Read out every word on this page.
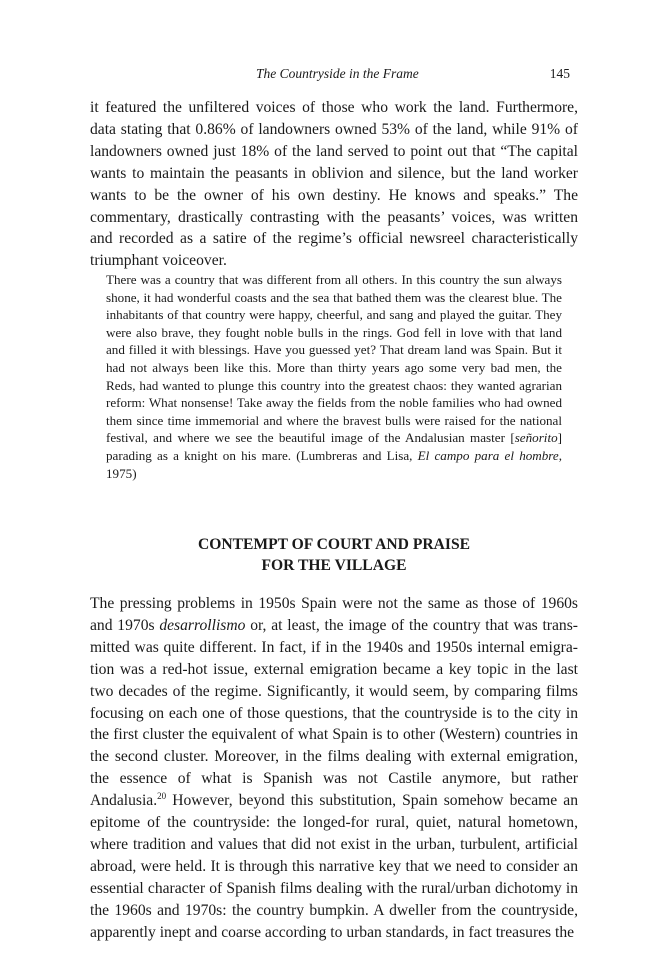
The Countryside in the Frame	145

it featured the unfiltered voices of those who work the land. Furthermore, data stating that 0.86% of landowners owned 53% of the land, while 91% of landowners owned just 18% of the land served to point out that “The capital wants to maintain the peasants in oblivion and silence, but the land worker wants to be the owner of his own destiny. He knows and speaks.” The commentary, drastically contrasting with the peasants’ voices, was written and recorded as a satire of the regime’s official newsreel characteristically triumphant voiceover.

There was a country that was different from all others. In this country the sun always shone, it had wonderful coasts and the sea that bathed them was the clearest blue. The inhabitants of that country were happy, cheerful, and sang and played the guitar. They were also brave, they fought noble bulls in the rings. God fell in love with that land and filled it with blessings. Have you guessed yet? That dream land was Spain. But it had not always been like this. More than thirty years ago some very bad men, the Reds, had wanted to plunge this country into the greatest chaos: they wanted agrarian reform: What nonsense! Take away the fields from the noble families who had owned them since time immemorial and where the bravest bulls were raised for the national festival, and where we see the beautiful image of the Andalusian master [señorito] parading as a knight on his mare. (Lumbreras and Lisa, El campo para el hombre, 1975)

CONTEMPT OF COURT AND PRAISE
FOR THE VILLAGE

The pressing problems in 1950s Spain were not the same as those of 1960s and 1970s desarrollismo or, at least, the image of the country that was transmitted was quite different. In fact, if in the 1940s and 1950s internal emigration was a red-hot issue, external emigration became a key topic in the last two decades of the regime. Significantly, it would seem, by comparing films focusing on each one of those questions, that the countryside is to the city in the first cluster the equivalent of what Spain is to other (Western) countries in the second cluster. Moreover, in the films dealing with external emigration, the essence of what is Spanish was not Castile anymore, but rather Andalusia.$^{20}$ However, beyond this substitution, Spain somehow became an epitome of the countryside: the longed-for rural, quiet, natural hometown, where tradition and values that did not exist in the urban, turbulent, artificial abroad, were held. It is through this narrative key that we need to consider an essential character of Spanish films dealing with the rural/urban dichotomy in the 1960s and 1970s: the country bumpkin. A dweller from the countryside, apparently inept and coarse according to urban standards, in fact treasures the
